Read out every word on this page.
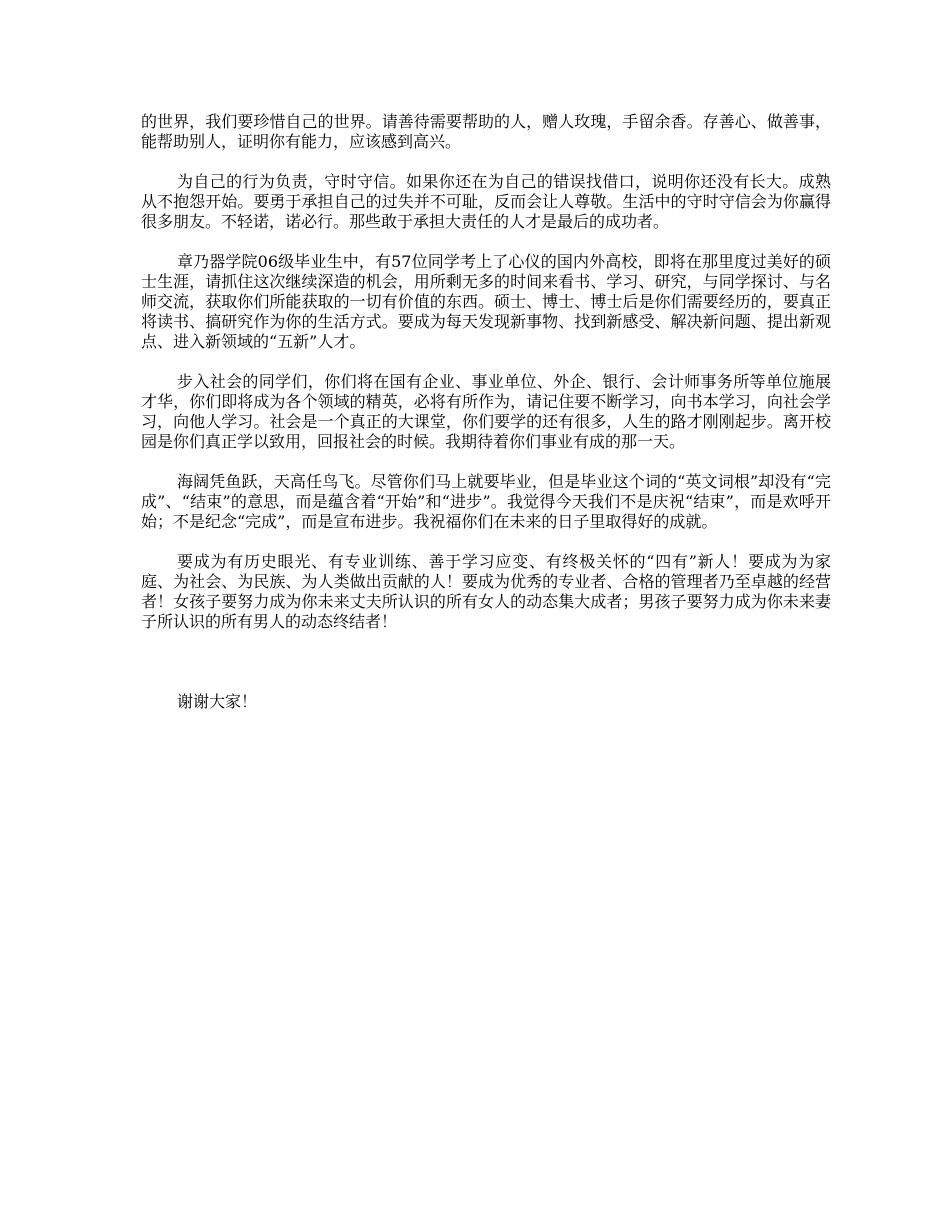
的世界，我们要珍惜自己的世界。请善待需要帮助的人，赠人玫瑰，手留余香。存善心、做善事，能帮助别人，证明你有能力，应该感到高兴。

为自己的行为负责，守时守信。如果你还在为自己的错误找借口，说明你还没有长大。成熟从不抱怨开始。要勇于承担自己的过失并不可耻，反而会让人尊敬。生活中的守时守信会为你赢得很多朋友。不轻诺，诺必行。那些敢于承担大责任的人才是最后的成功者。

章乃器学院06级毕业生中，有57位同学考上了心仪的国内外高校，即将在那里度过美好的硕士生涯，请抓住这次继续深造的机会，用所剩无多的时间来看书、学习、研究，与同学探讨、与名师交流，获取你们所能获取的一切有价值的东西。硕士、博士、博士后是你们需要经历的，要真正将读书、搞研究作为你的生活方式。要成为每天发现新事物、找到新感受、解决新问题、提出新观点、进入新领域的“五新”人才。

步入社会的同学们，你们将在国有企业、事业单位、外企、银行、会计师事务所等单位施展才华，你们即将成为各个领域的精英，必将有所作为，请记住要不断学习，向书本学习，向社会学习，向他人学习。社会是一个真正的大课堂，你们要学的还有很多，人生的路才刚刚起步。离开校园是你们真正学以致用，回报社会的时候。我期待着你们事业有成的那一天。

海阔凭鱼跃，天高任鸟飞。尽管你们马上就要毕业，但是毕业这个词的“英文词根”却没有“完成”、“结束”的意思，而是蕴含着“开始”和“进步”。我觉得今天我们不是庆祝“结束”，而是欢呼开始；不是纪念“完成”，而是宣布进步。我祝福你们在未来的日子里取得好的成就。

要成为有历史眼光、有专业训练、善于学习应变、有终极关怀的“四有”新人！要成为为家庭、为社会、为民族、为人类做出贡献的人！要成为优秀的专业者、合格的管理者乃至卓越的经营者！女孩子要努力成为你未来丈夫所认识的所有女人的动态集大成者；男孩子要努力成为你未来妻子所认识的所有男人的动态终结者！

谢谢大家！
